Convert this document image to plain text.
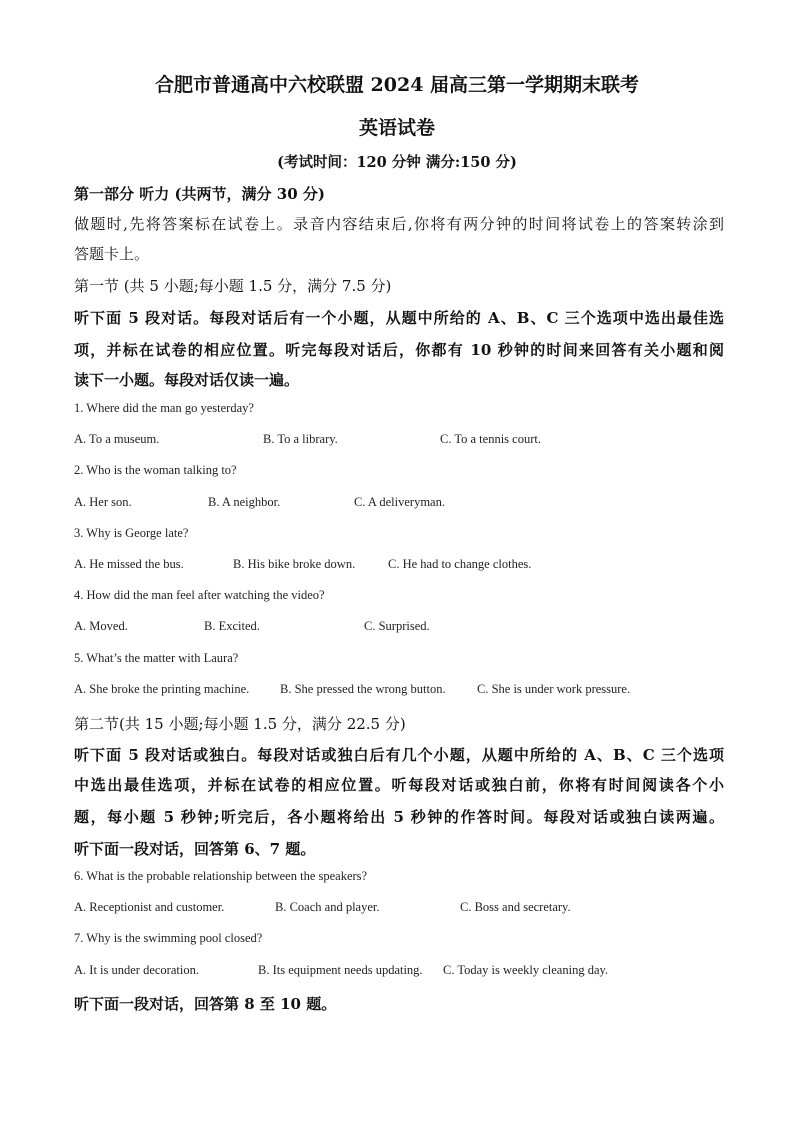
合肥市普通高中六校联盟 2024 届高三第一学期期末联考
英语试卷
(考试时间：120 分钟 满分:150 分)
第一部分 听力 (共两节，满分 30 分)
做题时,先将答案标在试卷上。录音内容结束后,你将有两分钟的时间将试卷上的答案转涂到
答题卡上。
第一节 (共 5 小题;每小题 1.5 分，满分 7.5 分)
听下面 5 段对话。每段对话后有一个小题，从题中所给的 A、B、C 三个选项中选出最佳选
项，并标在试卷的相应位置。听完每段对话后，你都有 10 秒钟的时间来回答有关小题和阅
读下一小题。每段对话仅读一遍。
1. Where did the man go yesterday?
A. To a museum.	B. To a library.	C. To a tennis court.
2. Who is the woman talking to?
A. Her son.	B. A neighbor.	C. A deliveryman.
3. Why is George late?
A. He missed the bus.	B. His bike broke down.	C. He had to change clothes.
4. How did the man feel after watching the video?
A. Moved.	B. Excited.	C. Surprised.
5. What’s the matter with Laura?
A. She broke the printing machine. B. She pressed the wrong button.	C. She is under work pressure.
第二节(共 15 小题;每小题 1.5 分，满分 22.5 分)
听下面 5 段对话或独白。每段对话或独白后有几个小题，从题中所给的 A、B、C 三个选项
中选出最佳选项，并标在试卷的相应位置。听每段对话或独白前，你将有时间阅读各个小
题，每小题 5 秒钟;听完后，各小题将给出 5 秒钟的作答时间。每段对话或独白读两遍。
听下面一段对话，回答第 6、7 题。
6. What is the probable relationship between the speakers?
A. Receptionist and customer.	B. Coach and player.	C. Boss and secretary.
7. Why is the swimming pool closed?
A. It is under decoration.	B. Its equipment needs updating. C. Today is weekly cleaning day.
听下面一段对话，回答第 8 至 10 题。
